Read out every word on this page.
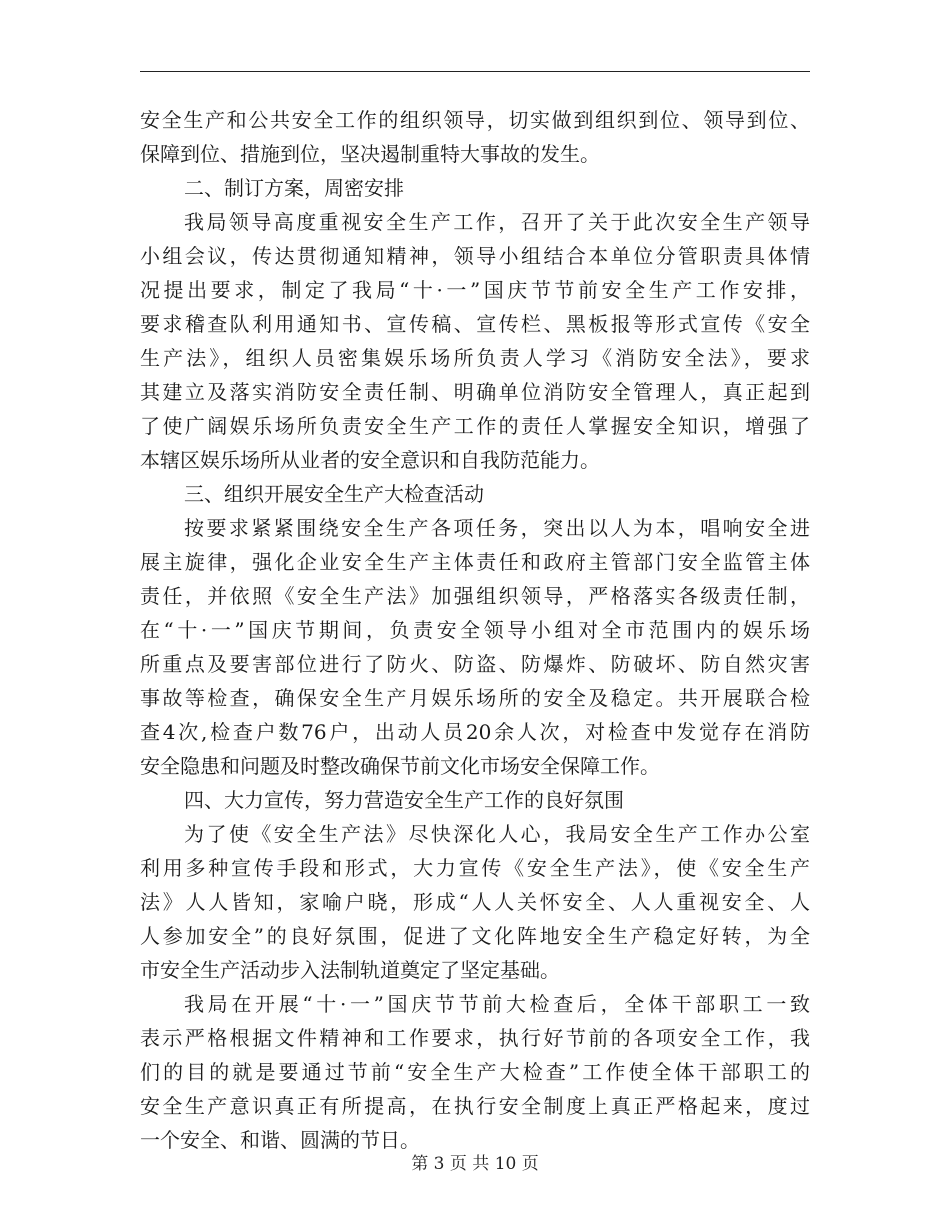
安全生产和公共安全工作的组织领导，切实做到组织到位、领导到位、
保障到位、措施到位，坚决遏制重特大事故的发生。
二、制订方案，周密安排
我局领导高度重视安全生产工作，召开了关于此次安全生产领导
小组会议，传达贯彻通知精神，领导小组结合本单位分管职责具体情
况提出要求，制定了我局“十·一”国庆节节前安全生产工作安排，
要求稽查队利用通知书、宣传稿、宣传栏、黑板报等形式宣传《安全
生产法》，组织人员密集娱乐场所负责人学习《消防安全法》，要求
其建立及落实消防安全责任制、明确单位消防安全管理人，真正起到
了使广阔娱乐场所负责安全生产工作的责任人掌握安全知识，增强了
本辖区娱乐场所从业者的安全意识和自我防范能力。
三、组织开展安全生产大检查活动
按要求紧紧围绕安全生产各项任务，突出以人为本，唱响安全进
展主旋律，强化企业安全生产主体责任和政府主管部门安全监管主体
责任，并依照《安全生产法》加强组织领导，严格落实各级责任制，
在“十·一”国庆节期间，负责安全领导小组对全市范围内的娱乐场
所重点及要害部位进行了防火、防盗、防爆炸、防破坏、防自然灾害
事故等检查，确保安全生产月娱乐场所的安全及稳定。共开展联合检
查4次,检查户数76户，出动人员20余人次，对检查中发觉存在消防
安全隐患和问题及时整改确保节前文化市场安全保障工作。
四、大力宣传，努力营造安全生产工作的良好氛围
为了使《安全生产法》尽快深化人心，我局安全生产工作办公室
利用多种宣传手段和形式，大力宣传《安全生产法》，使《安全生产
法》人人皆知，家喻户晓，形成“人人关怀安全、人人重视安全、人
人参加安全”的良好氛围，促进了文化阵地安全生产稳定好转，为全
市安全生产活动步入法制轨道奠定了坚定基础。
我局在开展“十·一”国庆节节前大检查后，全体干部职工一致
表示严格根据文件精神和工作要求，执行好节前的各项安全工作，我
们的目的就是要通过节前“安全生产大检查”工作使全体干部职工的
安全生产意识真正有所提高，在执行安全制度上真正严格起来，度过
一个安全、和谐、圆满的节日。
第 3 页 共 10 页
